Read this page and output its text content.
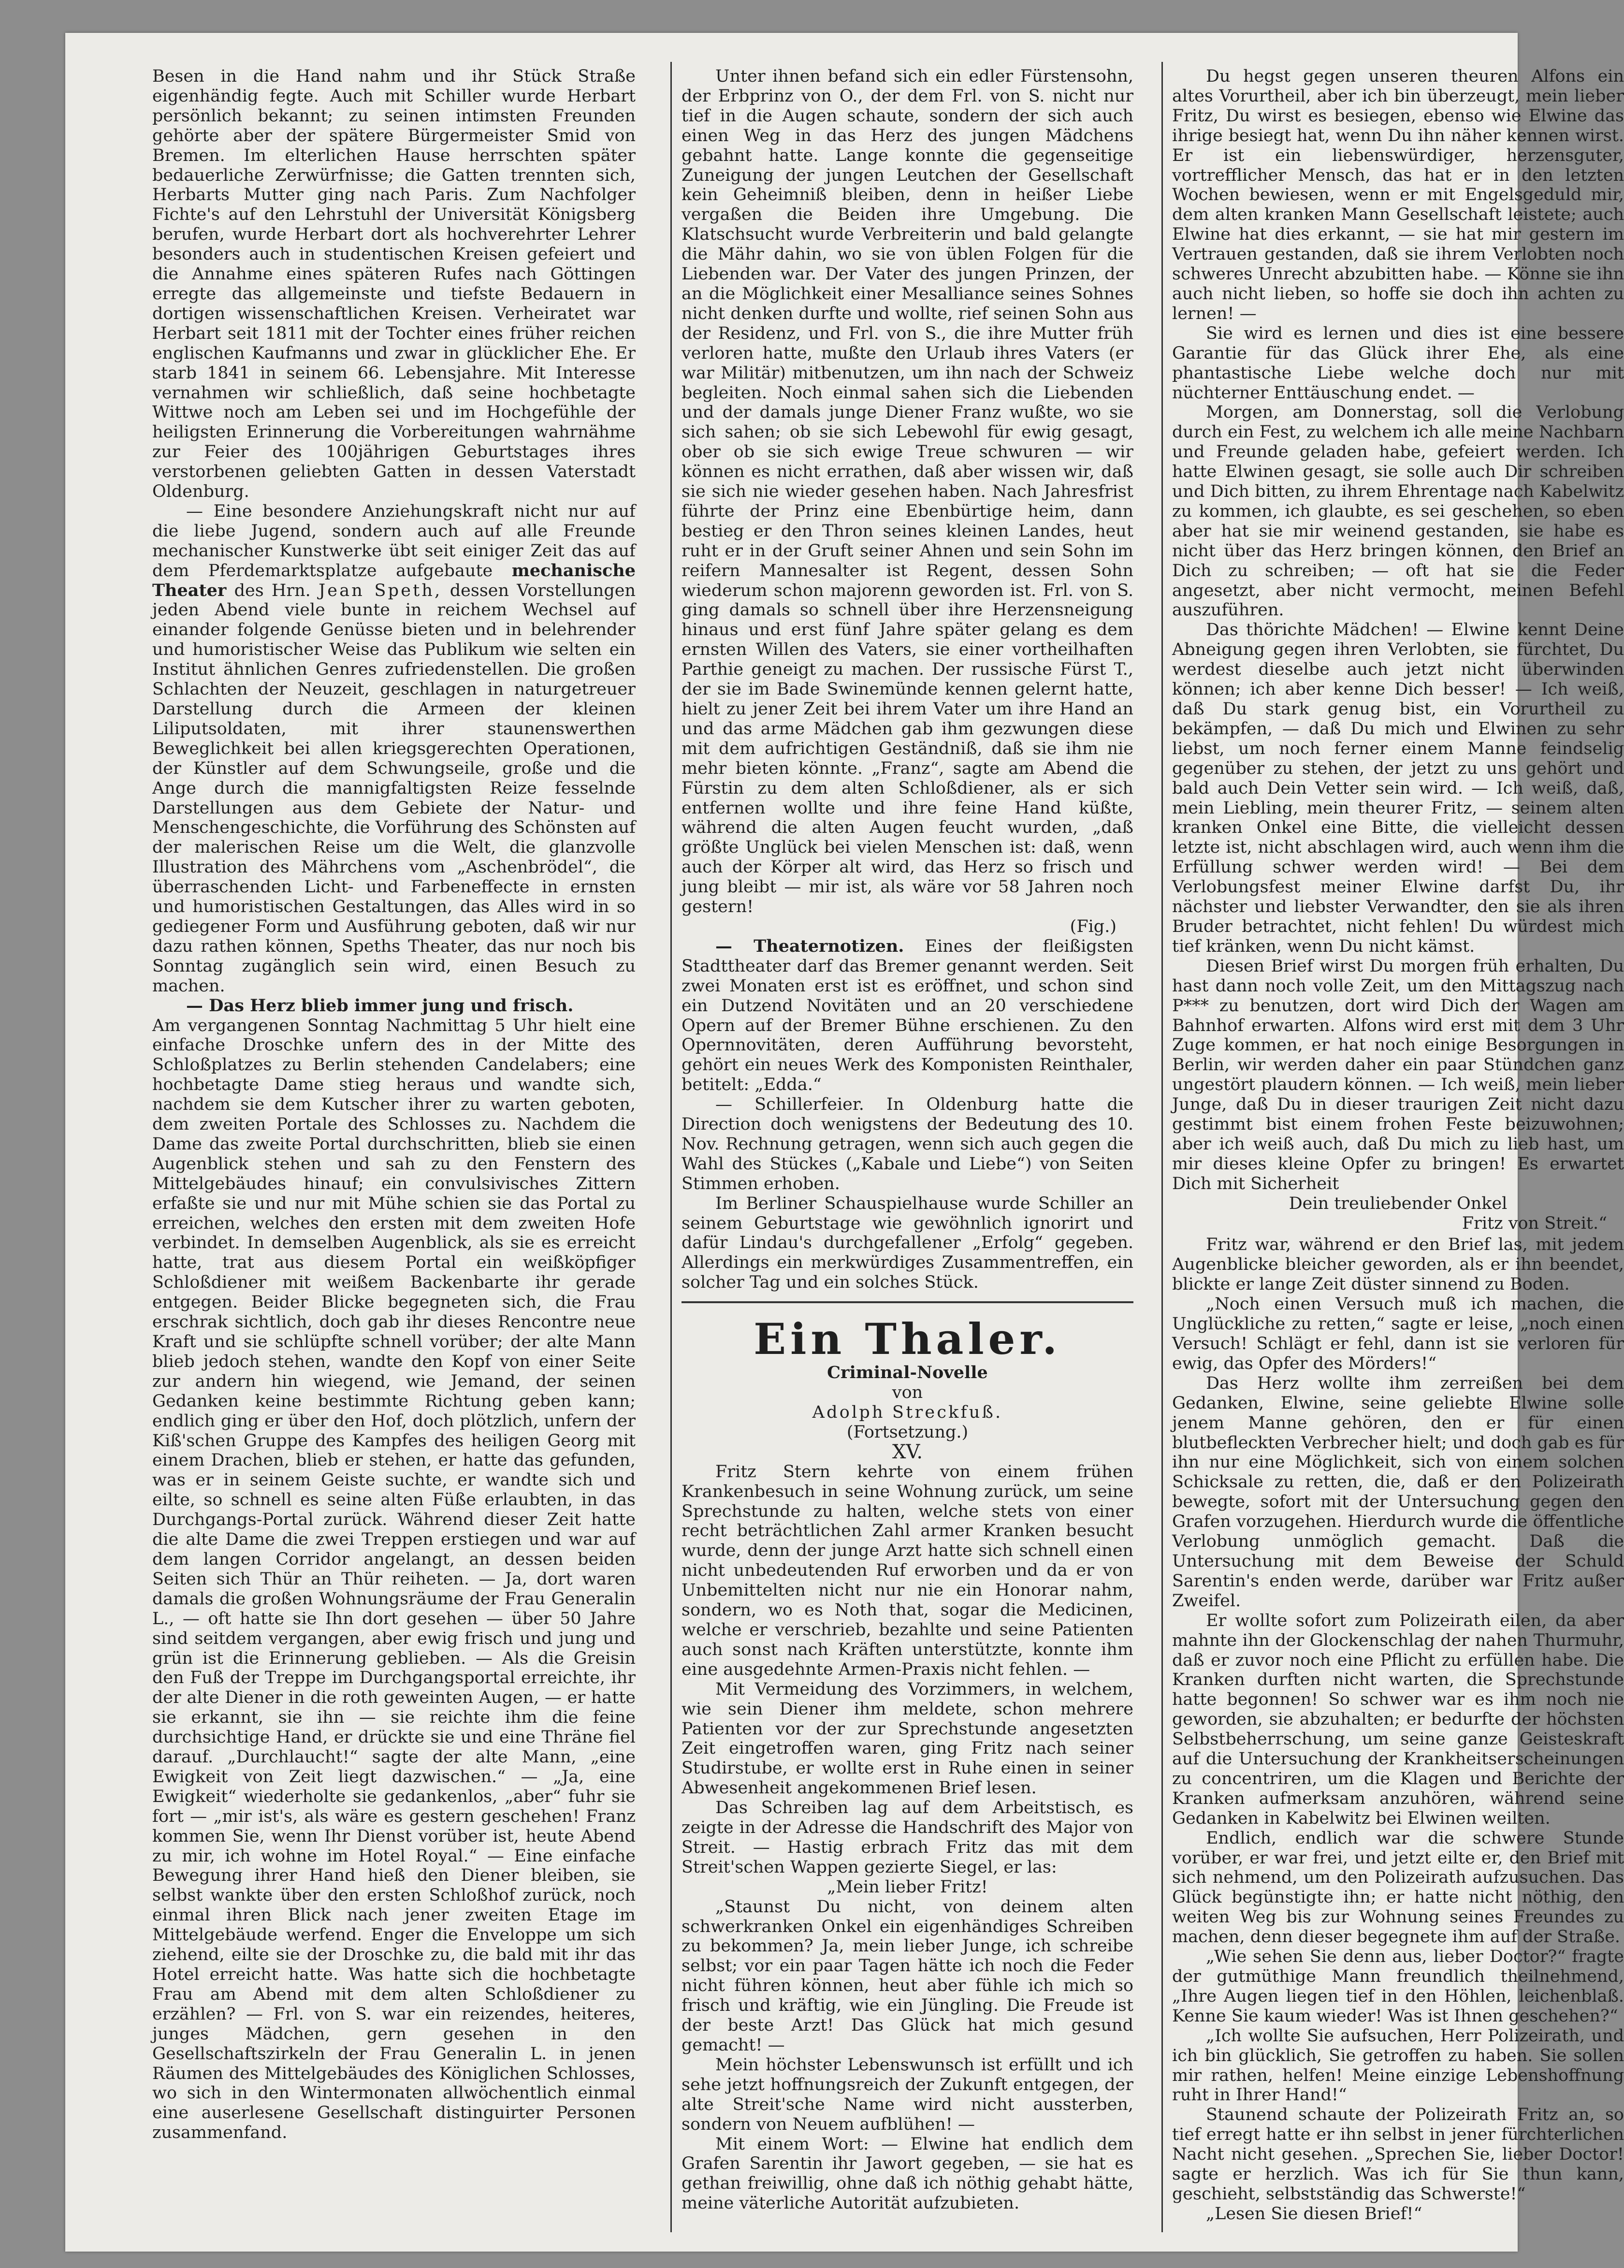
Besen in die Hand nahm und ihr Stück Straße eigenhändig fegte. Auch mit Schiller wurde Herbart persönlich bekannt; zu seinen intimsten Freunden gehörte aber der spätere Bürgermeister Smid von Bremen. Im elterlichen Hause herrschten später bedauerliche Zerwürfnisse; die Gatten trennten sich, Herbarts Mutter ging nach Paris. Zum Nachfolger Fichte's auf den Lehrstuhl der Universität Königsberg berufen, wurde Herbart dort als hochverehrter Lehrer besonders auch in studentischen Kreisen gefeiert und die Annahme eines späteren Rufes nach Göttingen erregte das allgemeinste und tiefste Bedauern in dortigen wissenschaftlichen Kreisen. Verheiratet war Herbart seit 1811 mit der Tochter eines früher reichen englischen Kaufmanns und zwar in glücklicher Ehe. Er starb 1841 in seinem 66. Lebensjahre. Mit Interesse vernahmen wir schließlich, daß seine hochbetagte Wittwe noch am Leben sei und im Hochgefühle der heiligsten Erinnerung die Vorbereitungen wahrnähme zur Feier des 100jährigen Geburtstages ihres verstorbenen geliebten Gatten in dessen Vaterstadt Oldenburg.

— Eine besondere Anziehungskraft nicht nur auf die liebe Jugend, sondern auch auf alle Freunde mechanischer Kunstwerke übt seit einiger Zeit das auf dem Pferdemarktsplatze aufgebaute mechanische Theater des Hrn. Jean Speth, dessen Vorstellungen jeden Abend viele bunte in reichem Wechsel auf einander folgende Genüsse bieten und in belehrender und humoristischer Weise das Publikum wie selten ein Institut ähnlichen Genres zufriedenstellen. Die großen Schlachten der Neuzeit, geschlagen in naturgetreuer Darstellung durch die Armeen der kleinen Liliputsoldaten, mit ihrer staunenswerthen Beweglichkeit bei allen kriegsgerechten Operationen, der Künstler auf dem Schwungseile, große und die Ange durch die mannigfaltigsten Reize fesselnde Darstellungen aus dem Gebiete der Natur- und Menschengeschichte, die Vorführung des Schönsten auf der malerischen Reise um die Welt, die glanzvolle Illustration des Mährchens vom „Aschenbrödel“, die überraschenden Licht- und Farbeneffecte in ernsten und humoristischen Gestaltungen, das Alles wird in so gediegener Form und Ausführung geboten, daß wir nur dazu rathen können, Speths Theater, das nur noch bis Sonntag zugänglich sein wird, einen Besuch zu machen.

— Das Herz blieb immer jung und frisch.

Am vergangenen Sonntag Nachmittag 5 Uhr hielt eine einfache Droschke unfern des in der Mitte des Schloßplatzes zu Berlin stehenden Candelabers; eine hochbetagte Dame stieg heraus und wandte sich, nachdem sie dem Kutscher ihrer zu warten geboten, dem zweiten Portale des Schlosses zu. Nachdem die Dame das zweite Portal durchschritten, blieb sie einen Augenblick stehen und sah zu den Fenstern des Mittelgebäudes hinauf; ein convulsivisches Zittern erfaßte sie und nur mit Mühe schien sie das Portal zu erreichen, welches den ersten mit dem zweiten Hofe verbindet. In demselben Augenblick, als sie es erreicht hatte, trat aus diesem Portal ein weißköpfiger Schloßdiener mit weißem Backenbarte ihr gerade entgegen. Beider Blicke begegneten sich, die Frau erschrak sichtlich, doch gab ihr dieses Rencontre neue Kraft und sie schlüpfte schnell vorüber; der alte Mann blieb jedoch stehen, wandte den Kopf von einer Seite zur andern hin wiegend, wie Jemand, der seinen Gedanken keine bestimmte Richtung geben kann; endlich ging er über den Hof, doch plötzlich, unfern der Kiß'schen Gruppe des Kampfes des heiligen Georg mit einem Drachen, blieb er stehen, er hatte das gefunden, was er in seinem Geiste suchte, er wandte sich und eilte, so schnell es seine alten Füße erlaubten, in das Durchgangs-Portal zurück. Während dieser Zeit hatte die alte Dame die zwei Treppen erstiegen und war auf dem langen Corridor angelangt, an dessen beiden Seiten sich Thür an Thür reiheten. — Ja, dort waren damals die großen Wohnungsräume der Frau Generalin L., — oft hatte sie Ihn dort gesehen — über 50 Jahre sind seitdem vergangen, aber ewig frisch und jung und grün ist die Erinnerung geblieben. — Als die Greisin den Fuß der Treppe im Durchgangsportal erreichte, ihr der alte Diener in die roth geweinten Augen, — er hatte sie erkannt, sie ihn — sie reichte ihm die feine durchsichtige Hand, er drückte sie und eine Thräne fiel darauf. „Durchlaucht!“ sagte der alte Mann, „eine Ewigkeit von Zeit liegt dazwischen.“ — „Ja, eine Ewigkeit“ wiederholte sie gedankenlos, „aber“ fuhr sie fort — „mir ist's, als wäre es gestern geschehen! Franz kommen Sie, wenn Ihr Dienst vorüber ist, heute Abend zu mir, ich wohne im Hotel Royal.“ — Eine einfache Bewegung ihrer Hand hieß den Diener bleiben, sie selbst wankte über den ersten Schloßhof zurück, noch einmal ihren Blick nach jener zweiten Etage im Mittelgebäude werfend. Enger die Enveloppe um sich ziehend, eilte sie der Droschke zu, die bald mit ihr das Hotel erreicht hatte. Was hatte sich die hochbetagte Frau am Abend mit dem alten Schloßdiener zu erzählen? — Frl. von S. war ein reizendes, heiteres, junges Mädchen, gern gesehen in den Gesellschaftszirkeln der Frau Generalin L. in jenen Räumen des Mittelgebäudes des Königlichen Schlosses, wo sich in den Wintermonaten allwöchentlich einmal eine auserlesene Gesellschaft distinguirter Personen zusammenfand.

Unter ihnen befand sich ein edler Fürstensohn, der Erbprinz von O., der dem Frl. von S. nicht nur tief in die Augen schaute, sondern der sich auch einen Weg in das Herz des jungen Mädchens gebahnt hatte. Lange konnte die gegenseitige Zuneigung der jungen Leutchen der Gesellschaft kein Geheimniß bleiben, denn in heißer Liebe vergaßen die Beiden ihre Umgebung. Die Klatschsucht wurde Verbreiterin und bald gelangte die Mähr dahin, wo sie von üblen Folgen für die Liebenden war. Der Vater des jungen Prinzen, der an die Möglichkeit einer Mesalliance seines Sohnes nicht denken durfte und wollte, rief seinen Sohn aus der Residenz, und Frl. von S., die ihre Mutter früh verloren hatte, mußte den Urlaub ihres Vaters (er war Militär) mitbenutzen, um ihn nach der Schweiz begleiten. Noch einmal sahen sich die Liebenden und der damals junge Diener Franz wußte, wo sie sich sahen; ob sie sich Lebewohl für ewig gesagt, ober ob sie sich ewige Treue schwuren — wir können es nicht errathen, daß aber wissen wir, daß sie sich nie wieder gesehen haben. Nach Jahresfrist führte der Prinz eine Ebenbürtige heim, dann bestieg er den Thron seines kleinen Landes, heut ruht er in der Gruft seiner Ahnen und sein Sohn im reifern Mannesalter ist Regent, dessen Sohn wiederum schon majorenn geworden ist. Frl. von S. ging damals so schnell über ihre Herzensneigung hinaus und erst fünf Jahre später gelang es dem ernsten Willen des Vaters, sie einer vortheilhaften Parthie geneigt zu machen. Der russische Fürst T., der sie im Bade Swinemünde kennen gelernt hatte, hielt zu jener Zeit bei ihrem Vater um ihre Hand an und das arme Mädchen gab ihm gezwungen diese mit dem aufrichtigen Geständniß, daß sie ihm nie mehr bieten könnte. „Franz“, sagte am Abend die Fürstin zu dem alten Schloßdiener, als er sich entfernen wollte und ihre feine Hand küßte, während die alten Augen feucht wurden, „daß größte Unglück bei vielen Menschen ist: daß, wenn auch der Körper alt wird, das Herz so frisch und jung bleibt — mir ist, als wäre vor 58 Jahren noch gestern!

(Fig.)

— Theaternotizen. Eines der fleißigsten Stadttheater darf das Bremer genannt werden. Seit zwei Monaten erst ist es eröffnet, und schon sind ein Dutzend Novitäten und an 20 verschiedene Opern auf der Bremer Bühne erschienen. Zu den Opernnovitäten, deren Aufführung bevorsteht, gehört ein neues Werk des Komponisten Reinthaler, betitelt: „Edda.“

— Schillerfeier. In Oldenburg hatte die Direction doch wenigstens der Bedeutung des 10. Nov. Rechnung getragen, wenn sich auch gegen die Wahl des Stückes („Kabale und Liebe“) von Seiten Stimmen erhoben.

Im Berliner Schauspielhause wurde Schiller an seinem Geburtstage wie gewöhnlich ignorirt und dafür Lindau's durchgefallener „Erfolg“ gegeben. Allerdings ein merkwürdiges Zusammentreffen, ein solcher Tag und ein solches Stück.

Ein Thaler.

Criminal-Novelle

von

Adolph Streckfuß.

(Fortsetzung.)

XV.

Fritz Stern kehrte von einem frühen Krankenbesuch in seine Wohnung zurück, um seine Sprechstunde zu halten, welche stets von einer recht beträchtlichen Zahl armer Kranken besucht wurde, denn der junge Arzt hatte sich schnell einen nicht unbedeutenden Ruf erworben und da er von Unbemittelten nicht nur nie ein Honorar nahm, sondern, wo es Noth that, sogar die Medicinen, welche er verschrieb, bezahlte und seine Patienten auch sonst nach Kräften unterstützte, konnte ihm eine ausgedehnte Armen-Praxis nicht fehlen. —

Mit Vermeidung des Vorzimmers, in welchem, wie sein Diener ihm meldete, schon mehrere Patienten vor der zur Sprechstunde angesetzten Zeit eingetroffen waren, ging Fritz nach seiner Studirstube, er wollte erst in Ruhe einen in seiner Abwesenheit angekommenen Brief lesen.

Das Schreiben lag auf dem Arbeitstisch, es zeigte in der Adresse die Handschrift des Major von Streit. — Hastig erbrach Fritz das mit dem Streit'schen Wappen gezierte Siegel, er las:

„Mein lieber Fritz!

„Staunst Du nicht, von deinem alten schwerkranken Onkel ein eigenhändiges Schreiben zu bekommen? Ja, mein lieber Junge, ich schreibe selbst; vor ein paar Tagen hätte ich noch die Feder nicht führen können, heut aber fühle ich mich so frisch und kräftig, wie ein Jüngling. Die Freude ist der beste Arzt! Das Glück hat mich gesund gemacht! —

Mein höchster Lebenswunsch ist erfüllt und ich sehe jetzt hoffnungsreich der Zukunft entgegen, der alte Streit'sche Name wird nicht aussterben, sondern von Neuem aufblühen! —

Mit einem Wort: — Elwine hat endlich dem Grafen Sarentin ihr Jawort gegeben, — sie hat es gethan freiwillig, ohne daß ich nöthig gehabt hätte, meine väterliche Autorität aufzubieten.

Du hegst gegen unseren theuren Alfons ein altes Vorurtheil, aber ich bin überzeugt, mein lieber Fritz, Du wirst es besiegen, ebenso wie Elwine das ihrige besiegt hat, wenn Du ihn näher kennen wirst. Er ist ein liebenswürdiger, herzensguter, vortrefflicher Mensch, das hat er in den letzten Wochen bewiesen, wenn er mit Engelsgeduld mir, dem alten kranken Mann Gesellschaft leistete; auch Elwine hat dies erkannt, — sie hat mir gestern im Vertrauen gestanden, daß sie ihrem Verlobten noch schweres Unrecht abzubitten habe. — Könne sie ihn auch nicht lieben, so hoffe sie doch ihn achten zu lernen! —

Sie wird es lernen und dies ist eine bessere Garantie für das Glück ihrer Ehe, als eine phantastische Liebe welche doch nur mit nüchterner Enttäuschung endet. —

Morgen, am Donnerstag, soll die Verlobung durch ein Fest, zu welchem ich alle meine Nachbarn und Freunde geladen habe, gefeiert werden. Ich hatte Elwinen gesagt, sie solle auch Dir schreiben und Dich bitten, zu ihrem Ehrentage nach Kabelwitz zu kommen, ich glaubte, es sei geschehen, so eben aber hat sie mir weinend gestanden, sie habe es nicht über das Herz bringen können, den Brief an Dich zu schreiben; — oft hat sie die Feder angesetzt, aber nicht vermocht, meinen Befehl auszuführen.

Das thörichte Mädchen! — Elwine kennt Deine Abneigung gegen ihren Verlobten, sie fürchtet, Du werdest dieselbe auch jetzt nicht überwinden können; ich aber kenne Dich besser! — Ich weiß, daß Du stark genug bist, ein Vorurtheil zu bekämpfen, — daß Du mich und Elwinen zu sehr liebst, um noch ferner einem Manne feindselig gegenüber zu stehen, der jetzt zu uns gehört und bald auch Dein Vetter sein wird. — Ich weiß, daß, mein Liebling, mein theurer Fritz, — seinem alten kranken Onkel eine Bitte, die vielleicht dessen letzte ist, nicht abschlagen wird, auch wenn ihm die Erfüllung schwer werden wird! — Bei dem Verlobungsfest meiner Elwine darfst Du, ihr nächster und liebster Verwandter, den sie als ihren Bruder betrachtet, nicht fehlen! Du würdest mich tief kränken, wenn Du nicht kämst.

Diesen Brief wirst Du morgen früh erhalten, Du hast dann noch volle Zeit, um den Mittagszug nach P*** zu benutzen, dort wird Dich der Wagen am Bahnhof erwarten. Alfons wird erst mit dem 3 Uhr Zuge kommen, er hat noch einige Besorgungen in Berlin, wir werden daher ein paar Stündchen ganz ungestört plaudern können. — Ich weiß, mein lieber Junge, daß Du in dieser traurigen Zeit nicht dazu gestimmt bist einem frohen Feste beizuwohnen; aber ich weiß auch, daß Du mich zu lieb hast, um mir dieses kleine Opfer zu bringen! Es erwartet Dich mit Sicherheit

Dein treuliebender Onkel

Fritz von Streit.“

Fritz war, während er den Brief las, mit jedem Augenblicke bleicher geworden, als er ihn beendet, blickte er lange Zeit düster sinnend zu Boden.

„Noch einen Versuch muß ich machen, die Unglückliche zu retten,“ sagte er leise, „noch einen Versuch! Schlägt er fehl, dann ist sie verloren für ewig, das Opfer des Mörders!“

Das Herz wollte ihm zerreißen bei dem Gedanken, Elwine, seine geliebte Elwine solle jenem Manne gehören, den er für einen blutbefleckten Verbrecher hielt; und doch gab es für ihn nur eine Möglichkeit, sich von einem solchen Schicksale zu retten, die, daß er den Polizeirath bewegte, sofort mit der Untersuchung gegen den Grafen vorzugehen. Hierdurch wurde die öffentliche Verlobung unmöglich gemacht. Daß die Untersuchung mit dem Beweise der Schuld Sarentin's enden werde, darüber war Fritz außer Zweifel.

Er wollte sofort zum Polizeirath eilen, da aber mahnte ihn der Glockenschlag der nahen Thurmuhr, daß er zuvor noch eine Pflicht zu erfüllen habe. Die Kranken durften nicht warten, die Sprechstunde hatte begonnen! So schwer war es ihm noch nie geworden, sie abzuhalten; er bedurfte der höchsten Selbstbeherrschung, um seine ganze Geisteskraft auf die Untersuchung der Krankheitserscheinungen zu concentriren, um die Klagen und Berichte der Kranken aufmerksam anzuhören, während seine Gedanken in Kabelwitz bei Elwinen weilten.

Endlich, endlich war die schwere Stunde vorüber, er war frei, und jetzt eilte er, den Brief mit sich nehmend, um den Polizeirath aufzusuchen. Das Glück begünstigte ihn; er hatte nicht nöthig, den weiten Weg bis zur Wohnung seines Freundes zu machen, denn dieser begegnete ihm auf der Straße.

„Wie sehen Sie denn aus, lieber Doctor?“ fragte der gutmüthige Mann freundlich theilnehmend, „Ihre Augen liegen tief in den Höhlen, leichenblaß. Kenne Sie kaum wieder! Was ist Ihnen geschehen?“

„Ich wollte Sie aufsuchen, Herr Polizeirath, und ich bin glücklich, Sie getroffen zu haben. Sie sollen mir rathen, helfen! Meine einzige Lebenshoffnung ruht in Ihrer Hand!“

Staunend schaute der Polizeirath Fritz an, so tief erregt hatte er ihn selbst in jener fürchterlichen Nacht nicht gesehen. „Sprechen Sie, lieber Doctor! sagte er herzlich. Was ich für Sie thun kann, geschieht, selbstständig das Schwerste!“

„Lesen Sie diesen Brief!“
